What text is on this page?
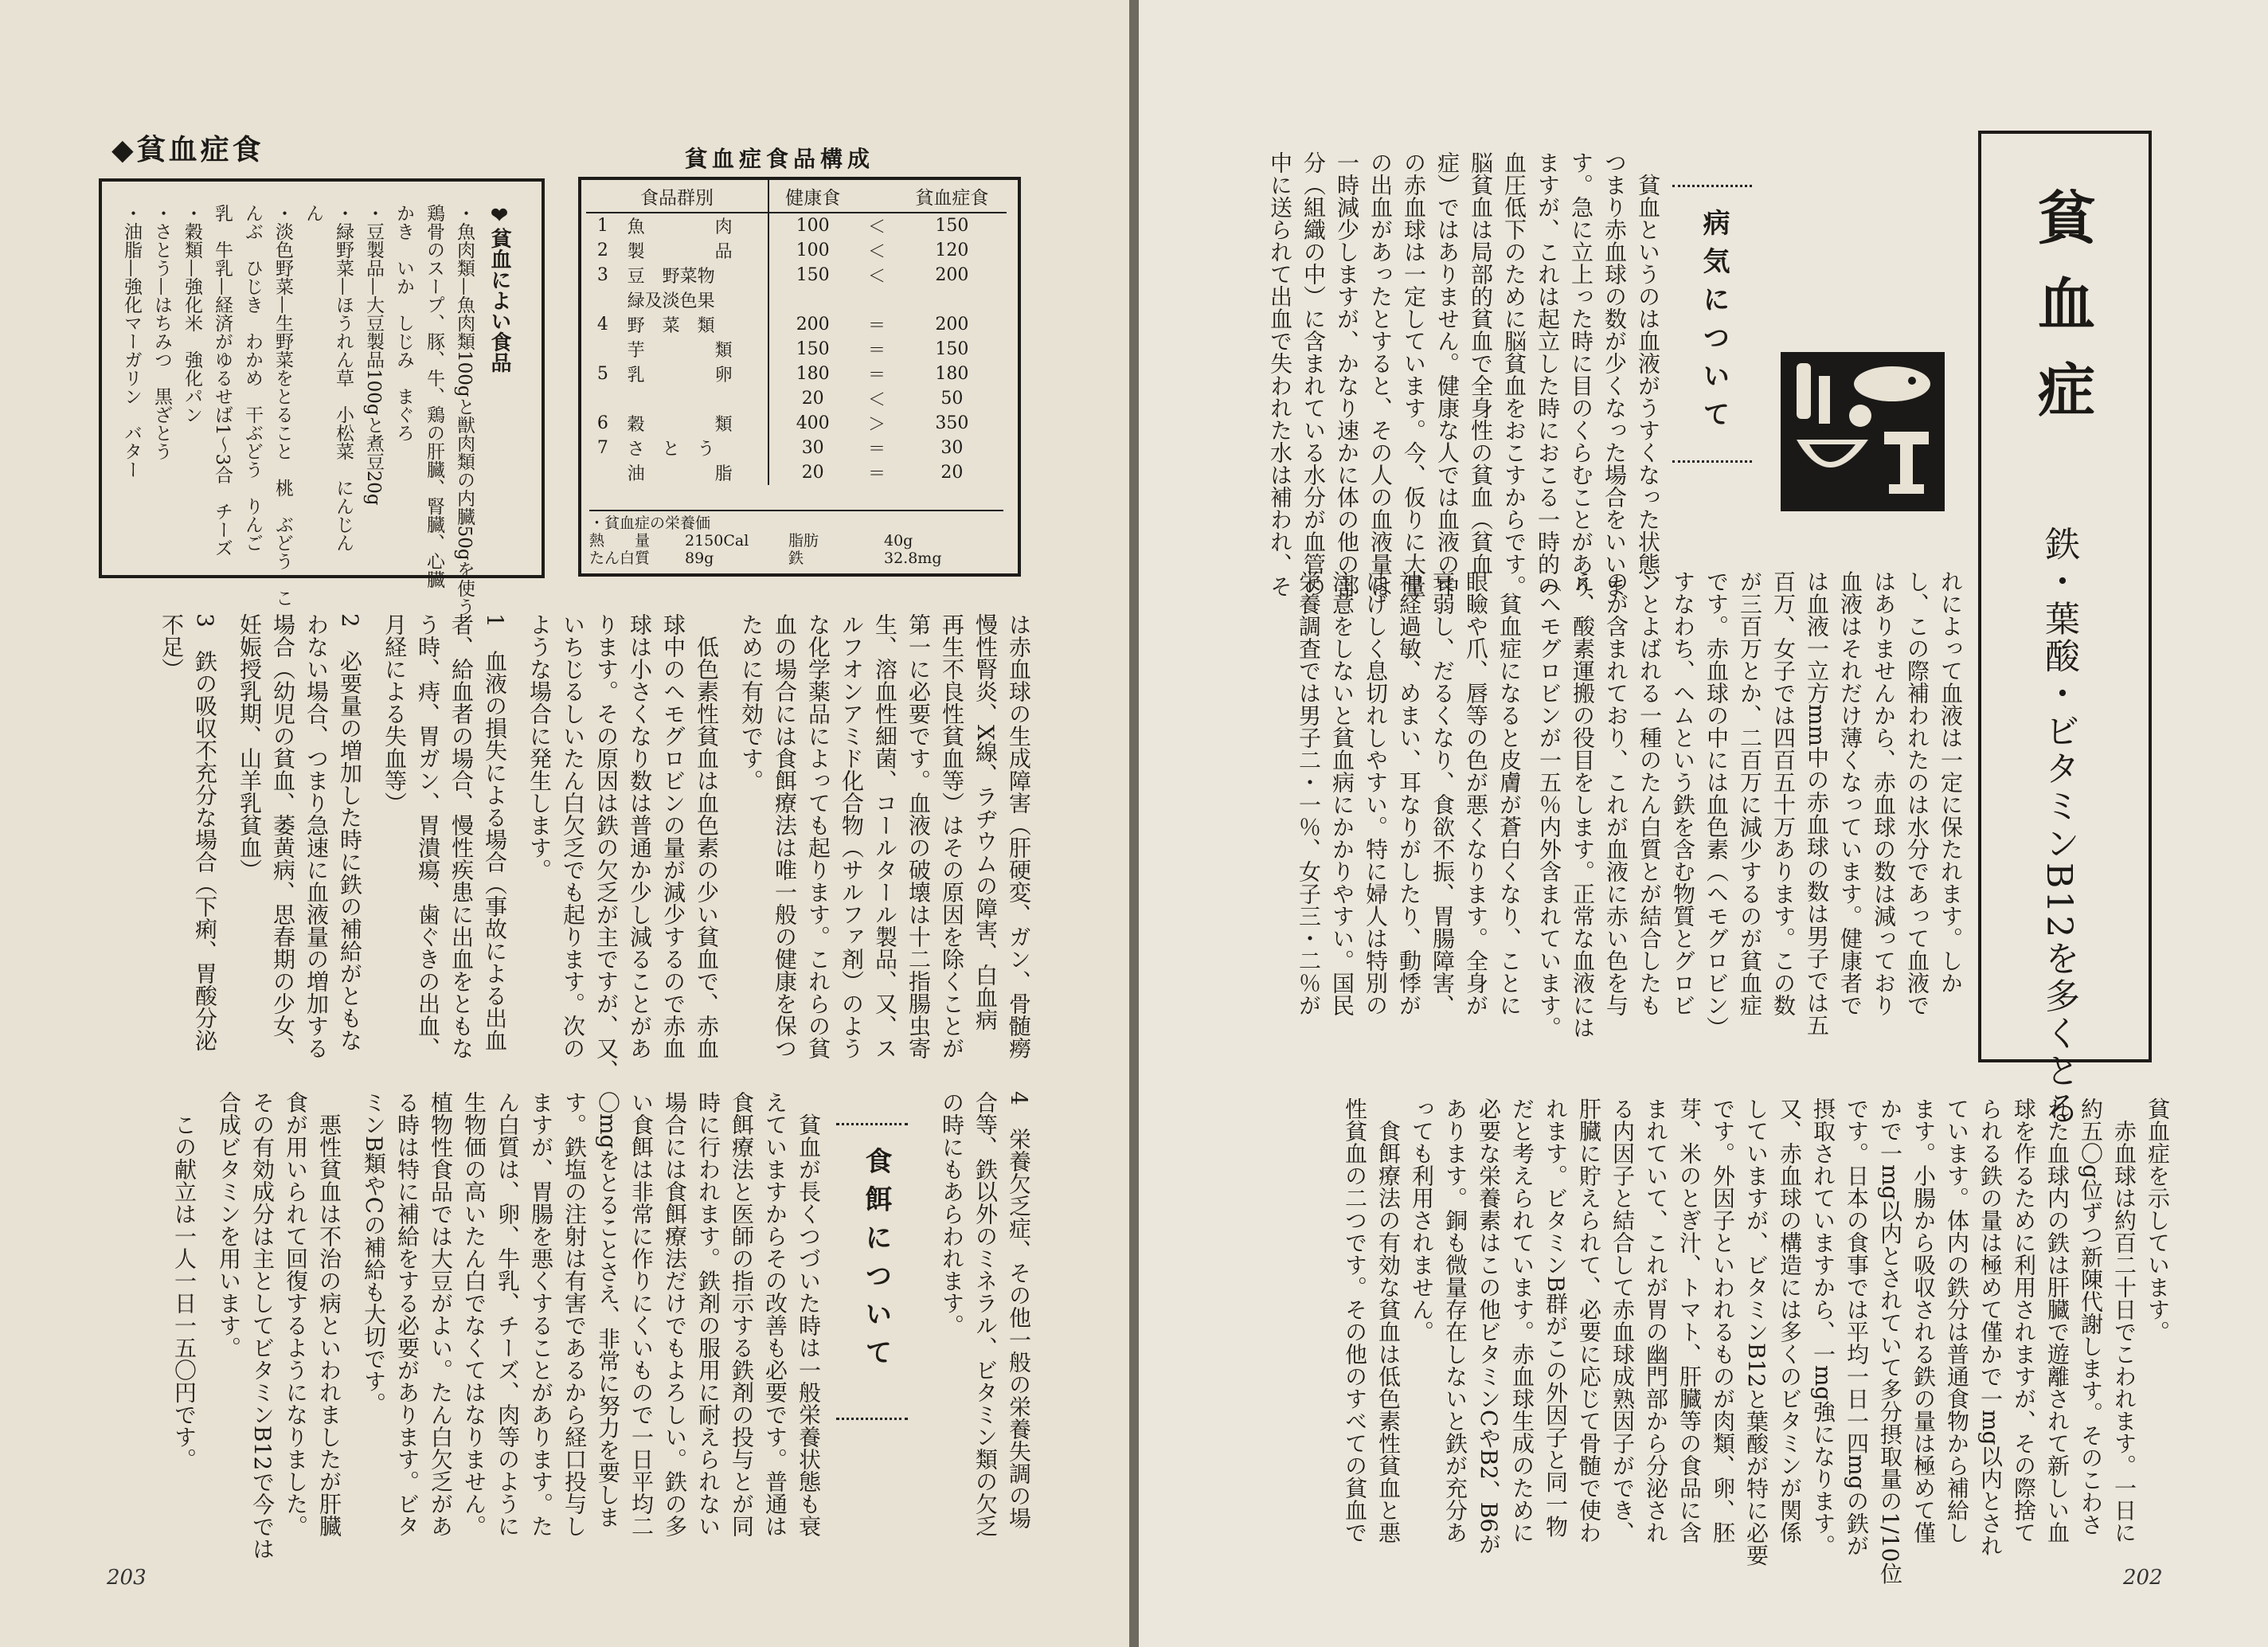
◆貧血症食
❤貧血によい食品
・魚肉類—魚肉類100gと獣肉類の内臓50gを使う
鶏骨のスープ、豚、牛、鶏の肝臓、腎臓、心臓
かき　いか　しじみ　まぐろ
・豆製品—大豆製品100gと煮豆20g
・緑野菜—ほうれん草　小松菜　にんじん
ん
・淡色野菜—生野菜をとること　桃　ぶどう　こ
んぶ　ひじき　わかめ　干ぶどう　りんご
乳　牛乳—経済がゆるせば1〜3合　チーズ
・穀類—強化米　強化パン
・さとう—はちみつ　黒ざとう
・油脂—強化マーガリン　バター
貧血症食品構成
食品群別		健康食		貧血症食
1	魚　　　　肉	100	＜	150
2	製　　　　品	100	＜	120
3	豆　野菜物	150	＜	200
	緑及淡色果			
4	野　菜　類	200	＝	200
	芋　　　　類	150	＝	150
5	乳　　　　卵	180	＝	180
		20	＜	50
6	穀　　　　類	400	＞	350
7	さ　と　う	30	＝	30
	油　　　　脂	20	＝	20
・貧血症の栄養価
熱　　量	2150Cal	脂肪	40g
たん白質	89g	鉄	32.8mg
は赤血球の生成障害（肝硬変、ガン、骨髄癆
慢性腎炎、X線、ラヂウムの障害、白血病
再生不良性貧血等）はその原因を除くことが
第一に必要です。血液の破壊は十二指腸虫寄
生、溶血性細菌、コールタール製品、又、ス
ルフオンアミド化合物（サルファ剤）のよう
な化学薬品によっても起ります。これらの貧
血の場合には食餌療法は唯一般の健康を保つ
ために有効です。
　低色素性貧血は血色素の少い貧血で、赤血
球中のヘモグロビンの量が減少するので赤血
球は小さくなり数は普通か少し減ることがあ
ります。その原因は鉄の欠乏が主ですが、又、
いちじるしいたん白欠乏でも起ります。次の
ような場合に発生します。
1　血液の損失による場合（事故による出血
者、給血者の場合、慢性疾患に出血をともな
う時、痔、胃ガン、胃潰瘍、歯ぐきの出血、
月経による失血等）
2　必要量の増加した時に鉄の補給がともな
わない場合、つまり急速に血液量の増加する
場合（幼児の貧血、萎黄病、思春期の少女、
妊娠授乳期、山羊乳貧血）
3　鉄の吸収不充分な場合（下痢、胃酸分泌
不足）
食餌について
4　栄養欠乏症、その他一般の栄養失調の場
合等、鉄以外のミネラル、ビタミン類の欠乏
の時にもあらわれます。
　貧血が長くつづいた時は一般栄養状態も衰
えていますからその改善も必要です。普通は
食餌療法と医師の指示する鉄剤の投与とが同
時に行われます。鉄剤の服用に耐えられない
場合には食餌療法だけでもよろしい。鉄の多
い食餌は非常に作りにくいもので一日平均二
〇mgをとることさえ、非常に努力を要しま
す。鉄塩の注射は有害であるから経口投与し
ますが、胃腸を悪くすることがあります。た
ん白質は、卵、牛乳、チーズ、肉等のように
生物価の高いたん白でなくてはなりません。
植物性食品では大豆がよい。たん白欠乏があ
る時は特に補給をする必要があります。ビタ
ミンB類やCの補給も大切です。
　悪性貧血は不治の病といわれましたが肝臓
食が用いられて回復するようになりました。
その有効成分は主としてビタミンB12で今では
合成ビタミンを用います。
　この献立は一人一日一五〇円です。
203
貧血症
鉄・葉酸・ビタミンB12を多くとる
病気について
　貧血というのは血液がうすくなった状態、
つまり赤血球の数が少くなった場合をいいま
す。急に立上った時に目のくらむことがあり
ますが、これは起立した時におこる一時的の
血圧低下のために脳貧血をおこすからです。
脳貧血は局部的貧血で全身性の貧血（貧血
症）ではありません。健康な人では血液の中
の赤血球は一定しています。今、仮りに大量
の出血があったとすると、その人の血液量は
一時減少しますが、かなり速かに体の他の部
分（組織の中）に含まれている水分が血管の
中に送られて出血で失われた水は補われ、そ
れによって血液は一定に保たれます。しか
し、この際補われたのは水分であって血液で
はありませんから、赤血球の数は減っており
血液はそれだけ薄くなっています。健康者で
は血液一立方mm中の赤血球の数は男子では五
百万、女子では四百五十万あります。この数
が三百万とか、二百万に減少するのが貧血症
です。赤血球の中には血色素（ヘモグロビン）
すなわち、ヘムという鉄を含む物質とグロビ
ンとよばれる一種のたん白質とが結合したも
のが含まれており、これが血液に赤い色を与
え、酸素運搬の役目をします。正常な血液には
（ヘモグロビンが一五％内外含まれています。
　貧血症になると皮膚が蒼白くなり、ことに
眼瞼や爪、唇等の色が悪くなります。全身が
衰弱し、だるくなり、食欲不振、胃腸障害、
神経過敏、めまい、耳なりがしたり、動悸が
はげしく息切れしやすい。特に婦人は特別の
注意をしないと貧血病にかかりやすい。国民
栄養調査では男子二・一％、女子三・二％が
貧血症を示しています。
　赤血球は約百二十日でこわれます。一日に
約五〇g位ずつ新陳代謝します。そのこわさ
れた血球内の鉄は肝臓で遊離されて新しい血
球を作るために利用されますが、その際捨て
られる鉄の量は極めて僅かで一mg以内とされ
ています。体内の鉄分は普通食物から補給し
ます。小腸から吸収される鉄の量は極めて僅
かで一mg以内とされていて多分摂取量の1/10位
です。日本の食事では平均一日一四mgの鉄が
摂取されていますから、一mg強になります。
又、赤血球の構造には多くのビタミンが関係
していますが、ビタミンB12と葉酸が特に必要
です。外因子といわれるものが肉類、卵、胚
芽、米のとぎ汁、トマト、肝臓等の食品に含
まれていて、これが胃の幽門部から分泌され
る内因子と結合して赤血球成熟因子ができ、
肝臓に貯えられて、必要に応じて骨髄で使わ
れます。ビタミンB群がこの外因子と同一物
だと考えられています。赤血球生成のために
必要な栄養素はこの他ビタミンCやB2、B6が
あります。銅も微量存在しないと鉄が充分あ
っても利用されません。
　食餌療法の有効な貧血は低色素性貧血と悪
性貧血の二つです。その他のすべての貧血で
202
